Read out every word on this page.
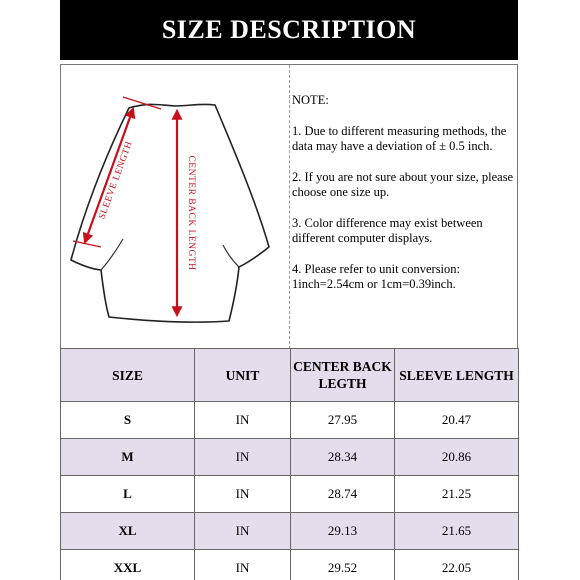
SIZE DESCRIPTION
SLEEVE LENGTH	CENTER BACK LENGTH

NOTE:

1. Due to different measuring methods, the data may have a deviation of ± 0.5 inch.

2. If you are not sure about your size, please choose one size up.

3. Color difference may exist between different computer displays.

4. Please refer to unit conversion: 1inch=2.54cm or 1cm=0.39inch.

SIZE	UNIT	CENTER BACK LEGTH	SLEEVE LENGTH
S	IN	27.95	20.47
M	IN	28.34	20.86
L	IN	28.74	21.25
XL	IN	29.13	21.65
XXL	IN	29.52	22.05
